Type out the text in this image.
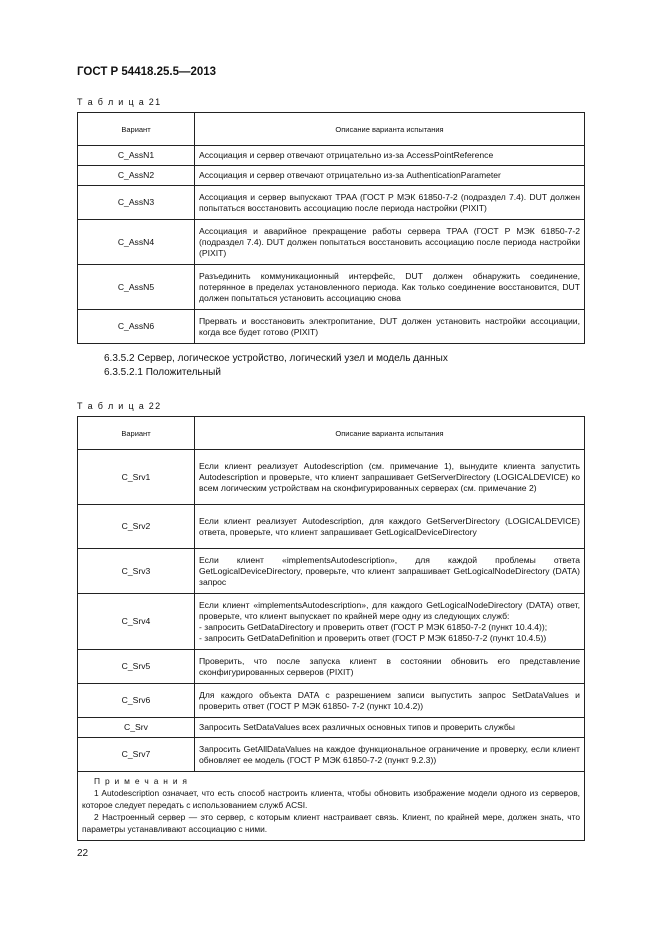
ГОСТ Р 54418.25.5—2013
Т а б л и ц а 21
Вариант	Описание варианта испытания
C_AssN1	Ассоциация и сервер отвечают отрицательно из-за AccessPointReference
C_AssN2	Ассоциация и сервер отвечают отрицательно из-за AuthenticationParameter
C_AssN3	Ассоциация и сервер выпускают TPAA (ГОСТ Р МЭК 61850-7-2 (подраздел 7.4). DUT должен попытаться восстановить ассоциацию после периода настройки (PIXIT)
C_AssN4	Ассоциация и аварийное прекращение работы сервера TPAA (ГОСТ Р МЭК 61850-7-2 (подраздел 7.4). DUT должен попытаться восстановить ассоциацию после периода настройки (PIXIT)
C_AssN5	Разъединить коммуникационный интерфейс, DUT должен обнаружить соединение, потерянное в пределах установленного периода. Как только соединение восстановится, DUT должен попытаться установить ассоциацию снова
C_AssN6	Прервать и восстановить электропитание, DUT должен установить настройки ассоциации, когда все будет готово (PIXIT)
6.3.5.2 Сервер, логическое устройство, логический узел и модель данных
6.3.5.2.1 Положительный
Т а б л и ц а 22
Вариант	Описание варианта испытания
C_Srv1	Если клиент реализует Autodescription (см. примечание 1), вынудите клиента запустить Autodescription и проверьте, что клиент запрашивает GetServerDirectory (LOGICALDEVICE) ко всем логическим устройствам на сконфигурированных серверах (см. примечание 2)
C_Srv2	Если клиент реализует Autodescription, для каждого GetServerDirectory (LOGICALDEVICE) ответа, проверьте, что клиент запрашивает GetLogicalDeviceDirectory
C_Srv3	Если клиент «implementsAutodescription», для каждой проблемы ответа GetLogicalDeviceDirectory, проверьте, что клиент запрашивает GetLogicalNodeDirectory (DATA) запрос
C_Srv4	Если клиент «implementsAutodescription», для каждого GetLogicalNodeDirectory (DATA) ответ, проверьте, что клиент выпускает по крайней мере одну из следующих служб:
- запросить GetDataDirectory и проверить ответ (ГОСТ Р МЭК 61850-7-2 (пункт 10.4.4));
- запросить GetDataDefinition и проверить ответ (ГОСТ Р МЭК 61850-7-2 (пункт 10.4.5))

C_Srv5	Проверить, что после запуска клиент в состоянии обновить его представление сконфигурированных серверов (PIXIT)
C_Srv6	Для каждого объекта DATA с разрешением записи выпустить запрос SetDataValues и проверить ответ (ГОСТ Р МЭК 61850- 7-2 (пункт 10.4.2))
C_Srv	Запросить SetDataValues всех различных основных типов и проверить службы
C_Srv7	Запросить GetAllDataValues на каждое функциональное ограничение и проверку, если клиент обновляет ее модель (ГОСТ Р МЭК 61850-7-2 (пункт 9.2.3))

П р и м е ч а н и я

1 Autodescription означает, что есть способ настроить клиента, чтобы обновить изображение модели одного из серверов, которое следует передать с использованием служб ACSI.

2 Настроенный сервер — это сервер, с которым клиент настраивает связь. Клиент, по крайней мере, должен знать, что параметры устанавливают ассоциацию с ними.	

22
